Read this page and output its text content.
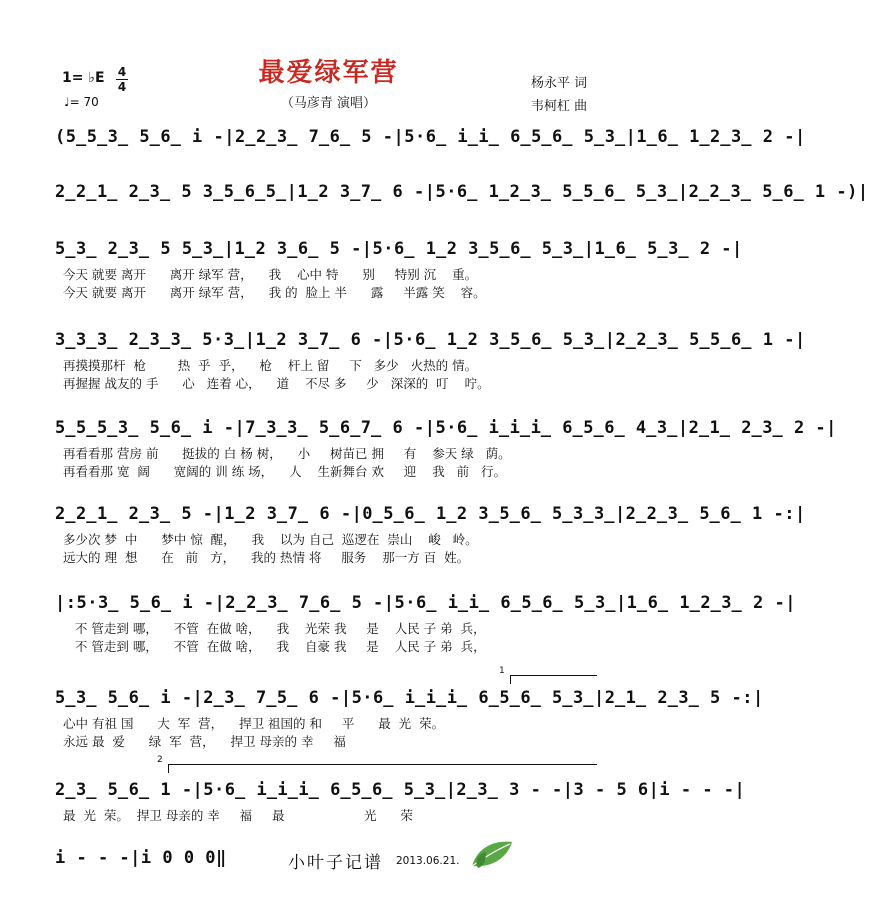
1= ♭E 4
4
♩= 70
最爱绿军营
（马彦青 演唱）
杨永平 词
韦柯杠 曲
(5̲5̲3̲ 5̲6̲ i -|2̲2̲3̲ 7̲6̲ 5 -|5·6̲ i̲i̲ 6̲5̲6̲ 5̲3̲|1̲6̲ 1̲2̲3̲ 2 -|
2̲2̲1̲ 2̲3̲ 5 3̲5̲6̲5̲|1̲2 3̲7̲ 6 -|5·6̲ 1̲2̲3̲ 5̲5̲6̲ 5̲3̲|2̲2̲3̲ 5̲6̲ 1 -)|
5̲3̲ 2̲3̲ 5 5̲3̲|1̲2 3̲6̲ 5 -|5·6̲ 1̲2 3̲5̲6̲ 5̲3̲|1̲6̲ 5̲3̲ 2 -|
今天 就要 离开      离开 绿军 营，    我    心中 特      别     特别 沉    重。
今天 就要 离开      离开 绿军 营，    我 的  脸上 半      露     半露 笑    容。
3̲3̲3̲ 2̲3̲3̲ 5·3̲|1̲2 3̲7̲ 6 -|5·6̲ 1̲2 3̲5̲6̲ 5̲3̲|2̲2̲3̲ 5̲5̲6̲ 1 -|
再摸摸那杆  枪        热  乎  乎，    枪    杆上 留     下   多少   火热的 情。
再握握 战友的 手      心   连着 心，    道    不尽 多     少   深深的  叮    咛。
5̲5̲5̲3̲ 5̲6̲ i -|7̲3̲3̲ 5̲6̲7̲ 6 -|5·6̲ i̲i̲i̲ 6̲5̲6̲ 4̲3̲|2̲1̲ 2̲3̲ 2 -|
再看看那 营房 前      挺拔的 白 杨 树，    小     树苗已 拥     有    参天 绿   荫。
再看看那 宽  阔      宽阔的 训 练 场，    人    生新舞台 欢     迎    我   前   行。
2̲2̲1̲ 2̲3̲ 5 -|1̲2 3̲7̲ 6 -|0̲5̲6̲ 1̲2 3̲5̲6̲ 5̲3̲3̲|2̲2̲3̲ 5̲6̲ 1 -:|
多少次 梦  中      梦中 惊  醒，    我    以为 自己  巡逻在  崇山    峻   岭。
远大的 理  想      在   前   方，    我的 热情 将     服务    那一方 百  姓。
|:5·3̲ 5̲6̲ i -|2̲2̲3̲ 7̲6̲ 5 -|5·6̲ i̲i̲ 6̲5̲6̲ 5̲3̲|1̲6̲ 1̲2̲3̲ 2 -|
不 管走到 哪，    不管  在做 啥，    我    光荣 我     是    人民 子 弟  兵，
不 管走到 哪，    不管  在做 啥，    我    自豪 我     是    人民 子 弟  兵，
1
5̲3̲ 5̲6̲ i -|2̲3̲ 7̲5̲ 6 -|5·6̲ i̲i̲i̲ 6̲5̲6̲ 5̲3̲|2̲1̲ 2̲3̲ 5 -:|
心中 有祖 国      大  军  营，    捍卫 祖国的 和     平      最  光  荣。
永远 最  爱      绿  军  营，    捍卫 母亲的 幸     福
2
2̲3̲ 5̲6̲ 1 -|5·6̲ i̲i̲i̲ 6̲5̲6̲ 5̲3̲|2̲3̲ 3 - -|3 - 5 6|i - - -|
最  光  荣。  捍卫 母亲的 幸     福     最                    光      荣
i - - -|i 0 0 0‖	小叶子记谱 2013.06.21.
